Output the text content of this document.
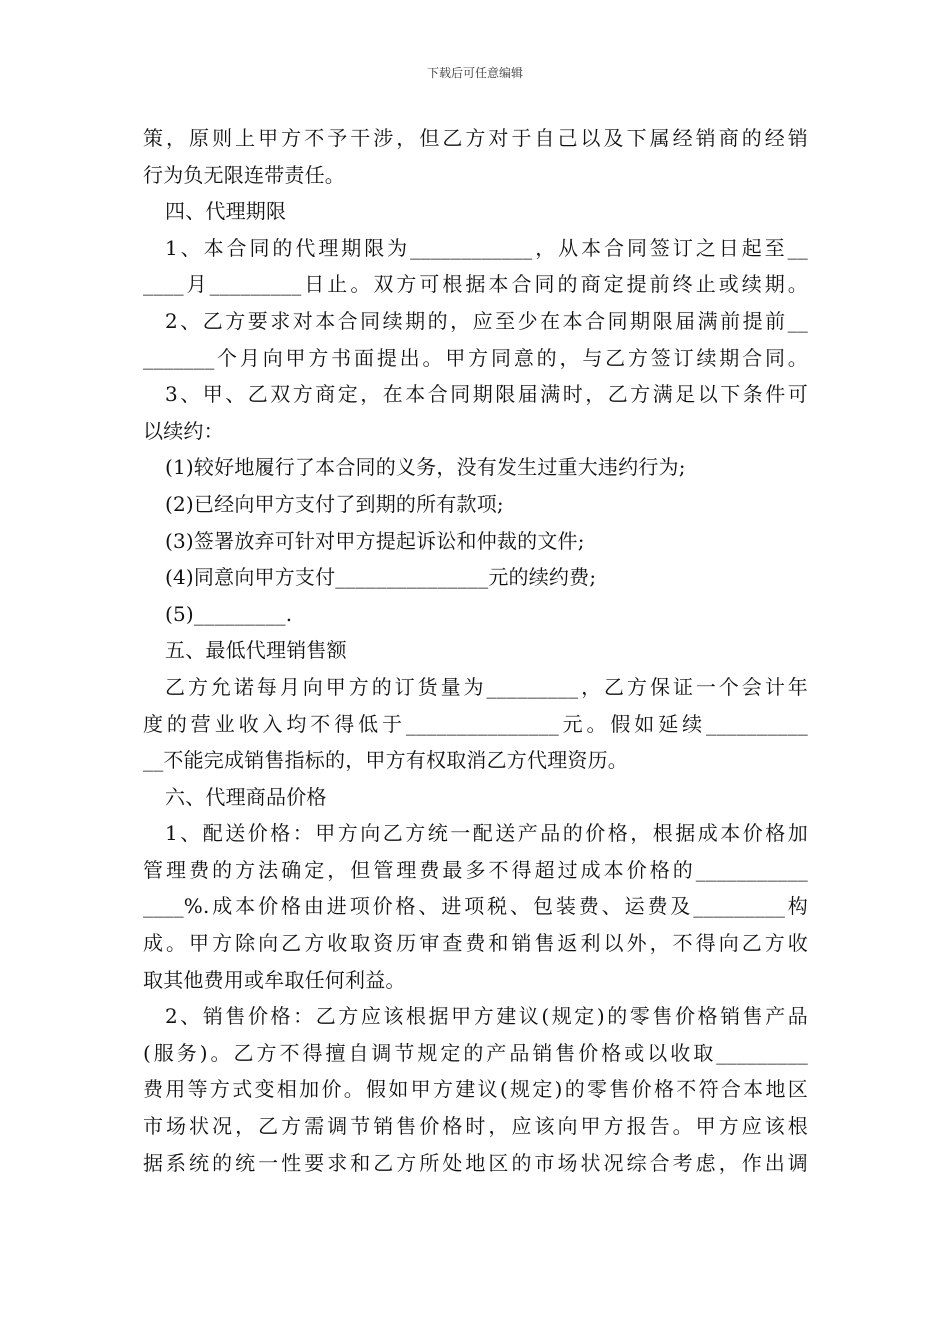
下载后可任意编辑
策，原则上甲方不予干涉，但乙方对于自己以及下属经销商的经销
行为负无限连带责任。
四、代理期限
1、本合同的代理期限为____________，从本合同签订之日起至__
____月_________日止。双方可根据本合同的商定提前终止或续期。
2、乙方要求对本合同续期的，应至少在本合同期限届满前提前__
_______个月向甲方书面提出。甲方同意的，与乙方签订续期合同。
3、甲、乙双方商定，在本合同期限届满时，乙方满足以下条件可
以续约：
(1)较好地履行了本合同的义务，没有发生过重大违约行为;
(2)已经向甲方支付了到期的所有款项;
(3)签署放弃可针对甲方提起诉讼和仲裁的文件;
(4)同意向甲方支付_______________元的续约费;
(5)_________.
五、最低代理销售额
乙方允诺每月向甲方的订货量为_________，乙方保证一个会计年
度的营业收入均不得低于_______________元。假如延续__________
__不能完成销售指标的，甲方有权取消乙方代理资历。
六、代理商品价格
1、配送价格：甲方向乙方统一配送产品的价格，根据成本价格加
管理费的方法确定，但管理费最多不得超过成本价格的___________
____%.成本价格由进项价格、进项税、包装费、运费及_________构
成。甲方除向乙方收取资历审查费和销售返利以外，不得向乙方收
取其他费用或牟取任何利益。
2、销售价格：乙方应该根据甲方建议(规定)的零售价格销售产品
(服务)。乙方不得擅自调节规定的产品销售价格或以收取_________
费用等方式变相加价。假如甲方建议(规定)的零售价格不符合本地区
市场状况，乙方需调节销售价格时，应该向甲方报告。甲方应该根
据系统的统一性要求和乙方所处地区的市场状况综合考虑，作出调
